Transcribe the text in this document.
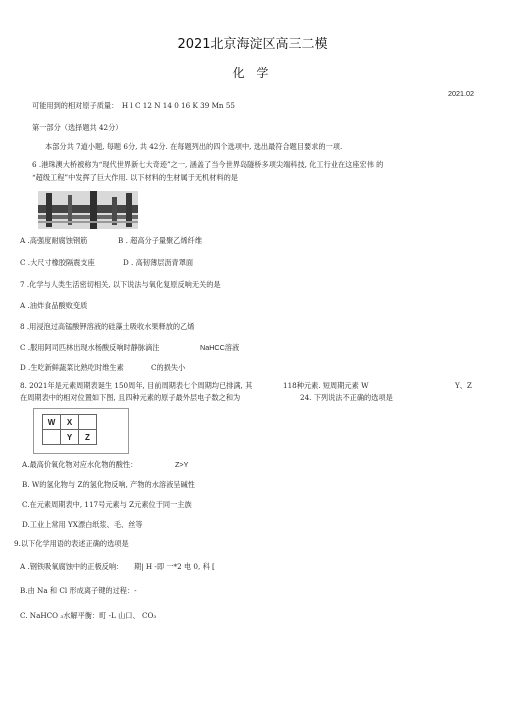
2021北京海淀区高三二模
化 学
2021.02
可能用到的相对原子质量：　H l C 12 N 14 0 16 K 39 Mn 55
第一部分（选择题共 42分）
本部分共 7道小题, 每题 6分, 共 42分. 在每题列出的四个选项中, 选出最符合题目要求的一项.
6 .港珠澳大桥被称为“现代世界新七大奇迹”之一, 涵盖了当今世界岛隧桥多项尖端科技, 化工行业在这座宏伟 的
“超级工程”中发挥了巨大作用. 以下材料的生材属于无机材料的是
A .高强度耐腐蚀钢筋	B . 超高分子量聚乙烯纤维
C .大尺寸橡胶隔震支座	D . 高韧薄层沥青罩面
7 .化学与人类生活密切相关, 以下说法与氧化复原反响无关的是
A .油炸食品酸败变质
8 .用浸泡过高锰酸钾溶液的硅藻土吸收水果释放的乙烯
C .服用阿司匹林出现水杨酸反响时静脉滴注	NaHCC溶液
D .生吃新鲜蔬菜比熟吃时维生素	C的损失小
8. 2021年是元素周期表诞生 150周年, 目前周期表七个周期均已排满, 其	118种元素. 短周期元素 W	Y、Z
在周期表中的相对位置如下图, 且四种元素的原子最外层电子数之和为	24. 下列说法不正确的选项是
W	X	
	Y	Z
A.最高价氧化物对应水化物的酸性：	Z>Y
B. W的氢化物与 Z的氢化物反响, 产物的水溶液呈碱性
C.在元素周期表中, 117号元素与 Z元素位于同一主族
D.工业上常用 YX漂白纸浆、毛、丝等
9.以下化学用语的表述正确的选项是
A .钢铁吸氧腐蚀中的正极反响：　　期| H -即 一*2 电 0, 科 [
B.由 Na 和 Cl 形成离子键的过程：-
C. NaHCO ₃水解平衡：町 -L 山口、 CO₃
